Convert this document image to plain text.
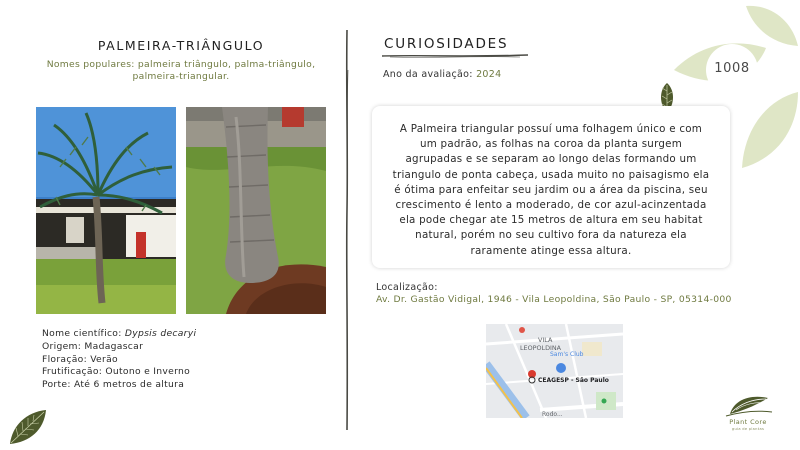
1008
PALMEIRA-TRIÂNGULO
Nomes populares: palmeira triângulo, palma-triângulo, palmeira-triangular.
Nome científico: Dypsis decaryi
Origem: Madagascar
Floração: Verão
Frutificação: Outono e Inverno
Porte: Até 6 metros de altura
CURIOSIDADES
Ano da avaliação: 2024

A Palmeira triangular possuí uma folhagem único e com um padrão, as folhas na coroa da planta surgem agrupadas e se separam ao longo delas formando um triangulo de ponta cabeça, usada muito no paisagismo ela é ótima para enfeitar seu jardim ou a área da piscina, seu crescimento é lento a moderado, de cor azul-acinzentada ela pode chegar ate 15 metros de altura em seu habitat natural, porém no seu cultivo fora da natureza ela raramente atinge essa altura.

Localização:
Av. Dr. Gastão Vidigal, 1946 - Vila Leopoldina, São Paulo - SP, 05314-000
VILA
LEOPOLDINA
Sam's Club
CEAGESP - São Paulo
Rodo...
Plant Core
guia de plantas
